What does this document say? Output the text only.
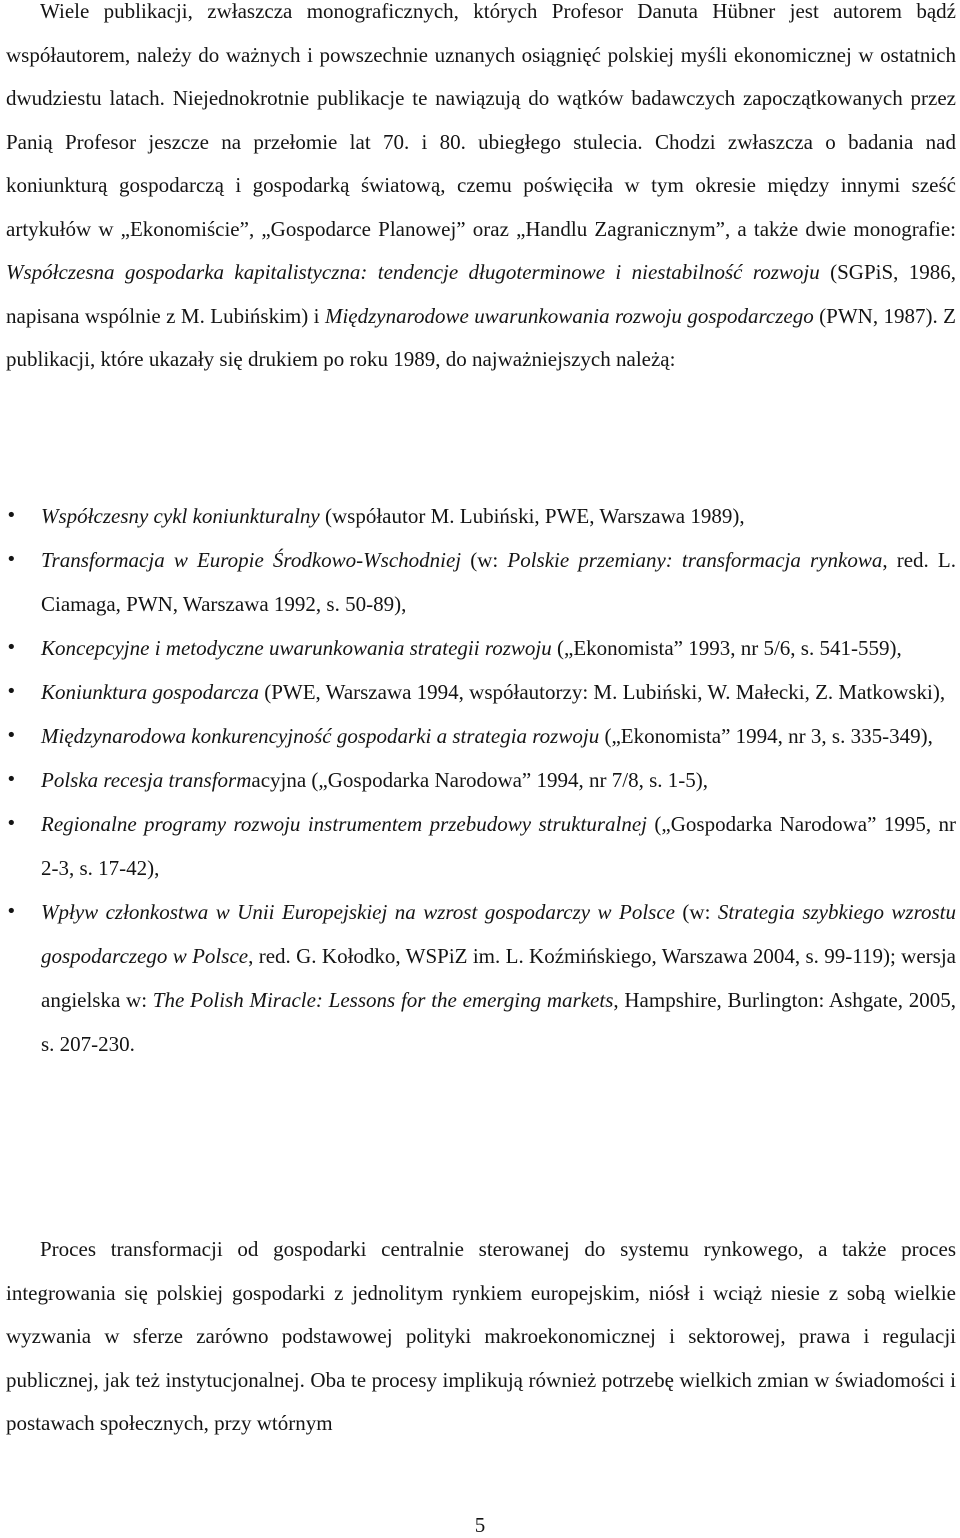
Wiele publikacji, zwłaszcza monograficznych, których Profesor Danuta Hübner jest autorem bądź współautorem, należy do ważnych i powszechnie uznanych osiągnięć polskiej myśli ekonomicznej w ostatnich dwudziestu latach. Niejednokrotnie publikacje te nawiązują do wątków badawczych zapoczątkowanych przez Panią Profesor jeszcze na przełomie lat 70. i 80. ubiegłego stulecia. Chodzi zwłaszcza o badania nad koniunkturą gospodarczą i gospodarką światową, czemu poświęciła w tym okresie między innymi sześć artykułów w „Ekonomiście”, „Gospodarce Planowej” oraz „Handlu Zagranicznym”, a także dwie monografie: Współczesna gospodarka kapitalistyczna: tendencje długoterminowe i niestabilność rozwoju (SGPiS, 1986, napisana wspólnie z M. Lubińskim) i Międzynarodowe uwarunkowania rozwoju gospodarczego (PWN, 1987). Z publikacji, które ukazały się drukiem po roku 1989, do najważniejszych należą:

•	Współczesny cykl koniunkturalny (współautor M. Lubiński, PWE, Warszawa 1989),
•	Transformacja w Europie Środkowo-Wschodniej (w: Polskie przemiany: transformacja rynkowa, red. L. Ciamaga, PWN, Warszawa 1992, s. 50-89),
•	Koncepcyjne i metodyczne uwarunkowania strategii rozwoju („Ekonomista” 1993, nr 5/6, s. 541-559),
•	Koniunktura gospodarcza (PWE, Warszawa 1994, współautorzy: M. Lubiński, W. Małecki, Z. Matkowski),
•	Międzynarodowa konkurencyjność gospodarki a strategia rozwoju („Ekonomista” 1994, nr 3, s. 335-349),
•	Polska recesja transformacyjna („Gospodarka Narodowa” 1994, nr 7/8, s. 1-5),
•	Regionalne programy rozwoju instrumentem przebudowy strukturalnej („Gospodarka Narodowa” 1995, nr 2-3, s. 17-42),
•	Wpływ członkostwa w Unii Europejskiej na wzrost gospodarczy w Polsce (w: Strategia szybkiego wzrostu gospodarczego w Polsce, red. G. Kołodko, WSPiZ im. L. Koźmińskiego, Warszawa 2004, s. 99-119); wersja angielska w: The Polish Miracle: Lessons for the emerging markets, Hampshire, Burlington: Ashgate, 2005, s. 207-230.

Proces transformacji od gospodarki centralnie sterowanej do systemu rynkowego, a także proces integrowania się polskiej gospodarki z jednolitym rynkiem europejskim, niósł i wciąż niesie z sobą wielkie wyzwania w sferze zarówno podstawowej polityki makroekonomicznej i sektorowej, prawa i regulacji publicznej, jak też instytucjonalnej. Oba te procesy implikują również potrzebę wielkich zmian w świadomości i postawach społecznych, przy wtórnym

5
